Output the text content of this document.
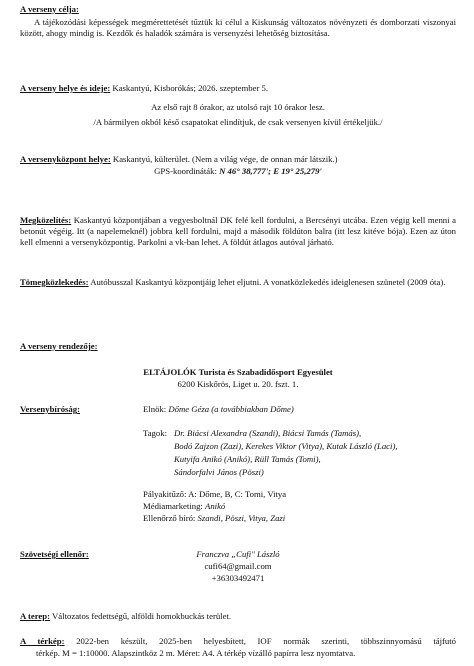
A verseny célja:
A tájékozódási képességek megmérettetését tűztük ki célul a Kiskunság változatos növényzeti és domborzati viszonyai között, ahogy mindig is. Kezdők és haladók számára is versenyzési lehetőség biztosítása.
A verseny helye és ideje: Kaskantyú, Kisborókás; 2026. szeptember 5.
Az első rajt 8 órakor, az utolsó rajt 10 órakor lesz.
/A bármilyen okból késő csapatokat elindítjuk, de csak versenyen kívül értékeljük./
A versenyközpont helye: Kaskantyú, külterület. (Nem a világ vége, de onnan már látszik.)
GPS-koordináták: N 46° 38,777'; E 19° 25,279'
Megközelítés: Kaskantyú központjában a vegyesboltnál DK felé kell fordulni, a Bercsényi utcába. Ezen végig kell menni a betonút végéig. Itt (a napelemeknél) jobbra kell fordulni, majd a második földúton balra (itt lesz kitéve bója). Ezen az úton kell elmenni a versenyközpontig. Parkolni a vk-ban lehet. A földút átlagos autóval járható.
Tömegközlekedés: Autóbusszal Kaskantyú központjáig lehet eljutni. A vonatközlekedés ideiglenesen szünetel (2009 óta).
A verseny rendezője:
ELTÁJOLÓK Turista és Szabadidősport Egyesület
6200 Kiskőrös, Liget u. 20. fszt. 1.
Versenybíróság:	Elnök: Dőme Géza (a továbbiakban Dőme)
Tagok: Dr. Biácsi Alexandra (Szandi), Biácsi Tamás (Tamás),
Bodó Zajzon (Zazi), Kerekes Viktor (Vitya), Kutak László (Laci),
Kutyifa Anikó (Anikó), Rüll Tamás (Tomi),
Sándorfalvi János (Pöszi)
Pályakitűző: A: Dőme, B, C: Tomi, Vitya
Médiamarketing: Anikó
Ellenőrző bíró: Szandi, Pöszi, Vitya, Zazi
Szövetségi ellenőr:	Franczva „Cufi" László
cufi64@gmail.com
+36303492471
A terep: Változatos fedettségű, alföldi homokbuckás terület.
A térkép: 2022-ben készült, 2025-ben helyesbített, IOF normák szerinti, többszinnyomású tájfutó
térkép. M = 1:10000. Alapszintköz 2 m. Méret: A4. A térkép vízálló papírra lesz nyomtatva.
